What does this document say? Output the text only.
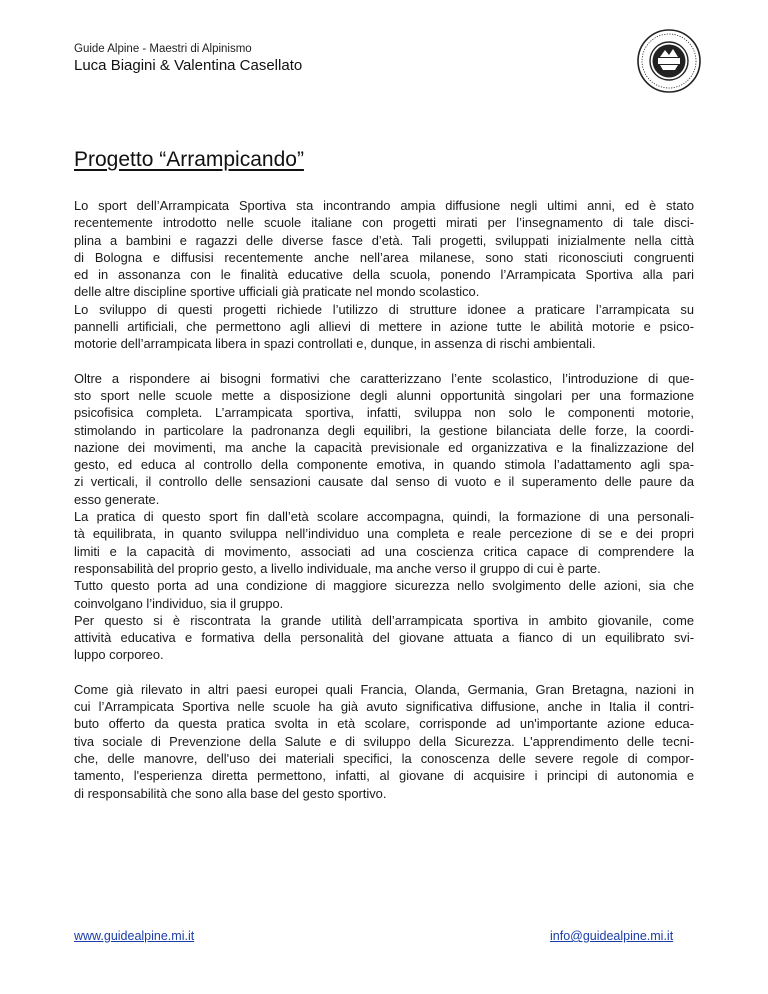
Guide Alpine - Maestri di Alpinismo
Luca Biagini & Valentina Casellato
Progetto “Arrampicando”

Lo sport dell’Arrampicata Sportiva sta incontrando ampia diffusione negli ultimi anni, ed è stato
recentemente introdotto nelle scuole italiane con progetti mirati per l’insegnamento di tale disci-
plina a bambini e ragazzi delle diverse fasce d’età. Tali progetti, sviluppati inizialmente nella città
di Bologna e diffusisi recentemente anche nell’area milanese, sono stati riconosciuti congruenti
ed in assonanza con le finalità educative della scuola, ponendo l’Arrampicata Sportiva alla pari
delle altre discipline sportive ufficiali già praticate nel mondo scolastico.
Lo sviluppo di questi progetti richiede l’utilizzo di strutture idonee a praticare l’arrampicata su
pannelli artificiali, che permettono agli allievi di mettere in azione tutte le abilità motorie e psico-
motorie dell’arrampicata libera in spazi controllati e, dunque, in assenza di rischi ambientali.

Oltre a rispondere ai bisogni formativi che caratterizzano l’ente scolastico, l’introduzione di que-
sto sport nelle scuole mette a disposizione degli alunni opportunità singolari per una formazione
psicofisica completa. L’arrampicata sportiva, infatti, sviluppa non solo le componenti motorie,
stimolando in particolare la padronanza degli equilibri, la gestione bilanciata delle forze, la coordi-
nazione dei movimenti, ma anche la capacità previsionale ed organizzativa e la finalizzazione del
gesto, ed educa al controllo della componente emotiva, in quando stimola l’adattamento agli spa-
zi verticali, il controllo delle sensazioni causate dal senso di vuoto e il superamento delle paure da
esso generate.
La pratica di questo sport fin dall’età scolare accompagna, quindi, la formazione di una personali-
tà equilibrata, in quanto sviluppa nell’individuo una completa e reale percezione di se e dei propri
limiti e la capacità di movimento, associati ad una coscienza critica capace di comprendere la
responsabilità del proprio gesto, a livello individuale, ma anche verso il gruppo di cui è parte.
Tutto questo porta ad una condizione di maggiore sicurezza nello svolgimento delle azioni, sia che
coinvolgano l’individuo, sia il gruppo.
Per questo si è riscontrata la grande utilità dell’arrampicata sportiva in ambito giovanile, come
attività educativa e formativa della personalità del giovane attuata a fianco di un equilibrato svi-
luppo corporeo.

Come già rilevato in altri paesi europei quali Francia, Olanda, Germania, Gran Bretagna, nazioni in
cui l’Arrampicata Sportiva nelle scuole ha già avuto significativa diffusione, anche in Italia il contri-
buto offerto da questa pratica svolta in età scolare, corrisponde ad un'importante azione educa-
tiva sociale di Prevenzione della Salute e di sviluppo della Sicurezza. L'apprendimento delle tecni-
che, delle manovre, dell'uso dei materiali specifici, la conoscenza delle severe regole di compor-
tamento, l'esperienza diretta permettono, infatti, al giovane di acquisire i principi di autonomia e
di responsabilità che sono alla base del gesto sportivo.

www.guidealpine.mi.it	info@guidealpine.mi.it
